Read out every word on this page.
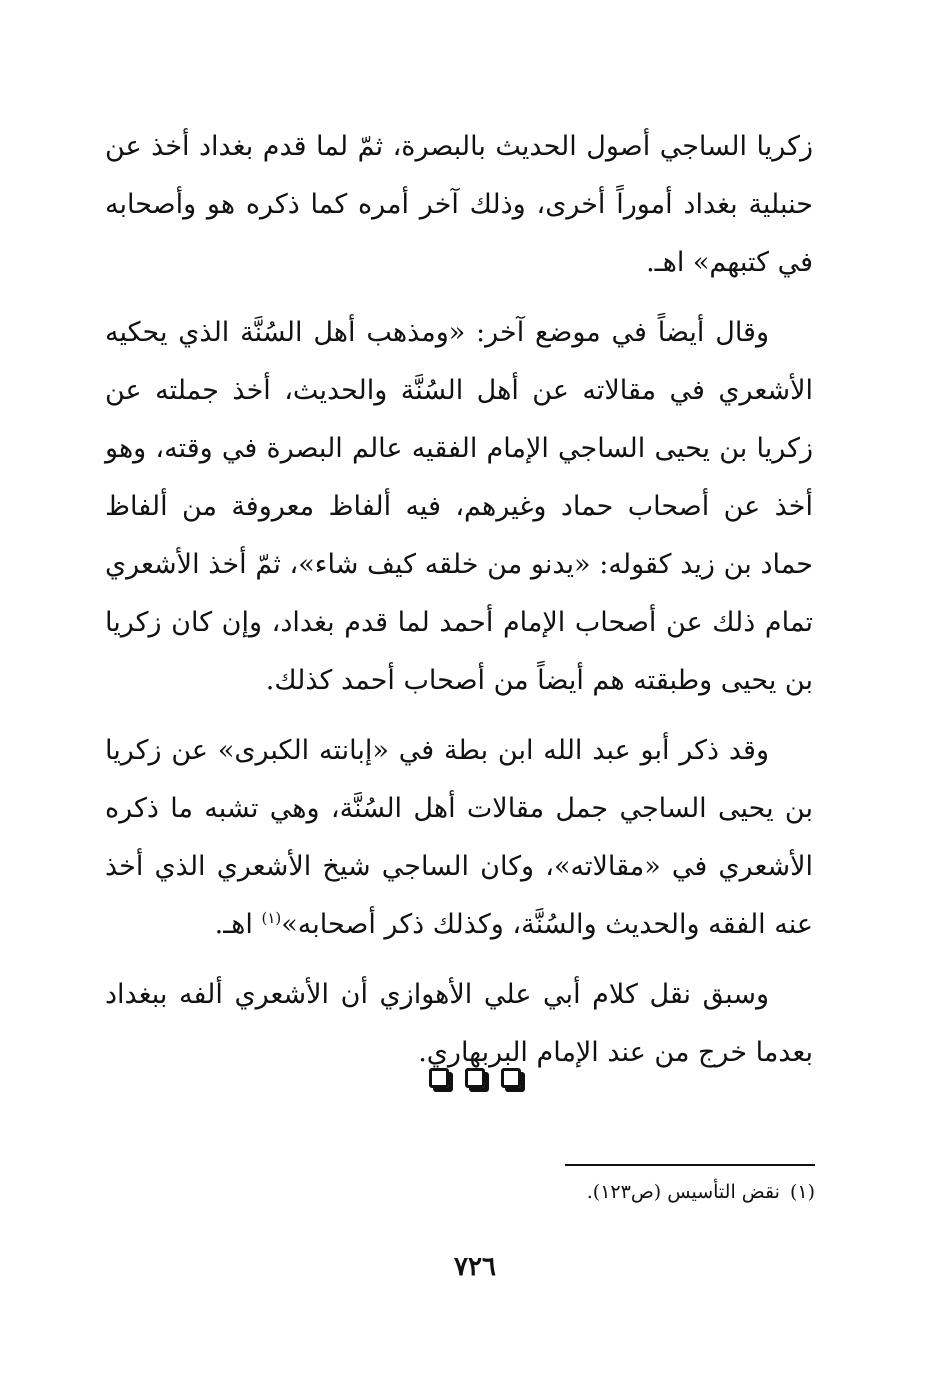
زكريا الساجي أصول الحديث بالبصرة، ثمّ لما قدم بغداد أخذ عن حنبلية بغداد أموراً أخرى، وذلك آخر أمره كما ذكره هو وأصحابه في كتبهم» اهـ.

وقال أيضاً في موضع آخر: «ومذهب أهل السُنَّة الذي يحكيه الأشعري في مقالاته عن أهل السُنَّة والحديث، أخذ جملته عن زكريا بن يحيى الساجي الإمام الفقيه عالم البصرة في وقته، وهو أخذ عن أصحاب حماد وغيرهم، فيه ألفاظ معروفة من ألفاظ حماد بن زيد كقوله: «يدنو من خلقه كيف شاء»، ثمّ أخذ الأشعري تمام ذلك عن أصحاب الإمام أحمد لما قدم بغداد، وإن كان زكريا بن يحيى وطبقته هم أيضاً من أصحاب أحمد كذلك.

وقد ذكر أبو عبد الله ابن بطة في «إبانته الكبرى» عن زكريا بن يحيى الساجي جمل مقالات أهل السُنَّة، وهي تشبه ما ذكره الأشعري في «مقالاته»، وكان الساجي شيخ الأشعري الذي أخذ عنه الفقه والحديث والسُنَّة، وكذلك ذكر أصحابه»$^{(١)}$ اهـ.

وسبق نقل كلام أبي علي الأهوازي أن الأشعري ألفه ببغداد بعدما خرج من عند الإمام البربهاري.

(١)نقض التأسيس (ص١٢٣).
٧٢٦
